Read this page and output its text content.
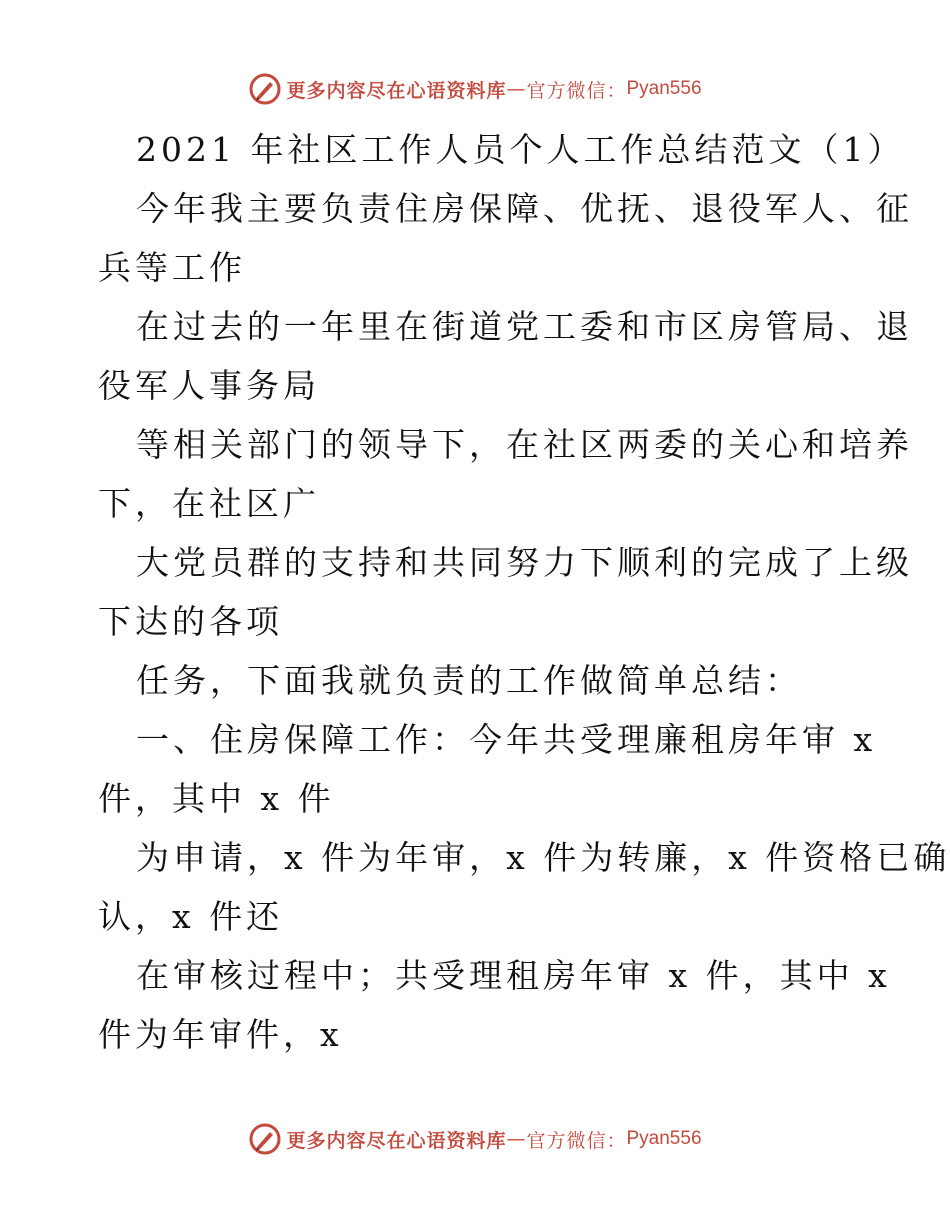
更多内容尽在心语资料库 — 官方微信： Pyan556
2021 年社区工作人员个人工作总结范文（1）
今年我主要负责住房保障、优抚、退役军人、征
兵等工作
在过去的一年里在街道党工委和市区房管局、退
役军人事务局
等相关部门的领导下，在社区两委的关心和培养
下，在社区广
大党员群的支持和共同努力下顺利的完成了上级
下达的各项
任务，下面我就负责的工作做简单总结：
一、住房保障工作：今年共受理廉租房年审 x
件，其中 x 件
为申请，x 件为年审，x 件为转廉，x 件资格已确
认，x 件还
在审核过程中；共受理租房年审 x 件，其中 x
件为年审件，x
更多内容尽在心语资料库 — 官方微信： Pyan556
